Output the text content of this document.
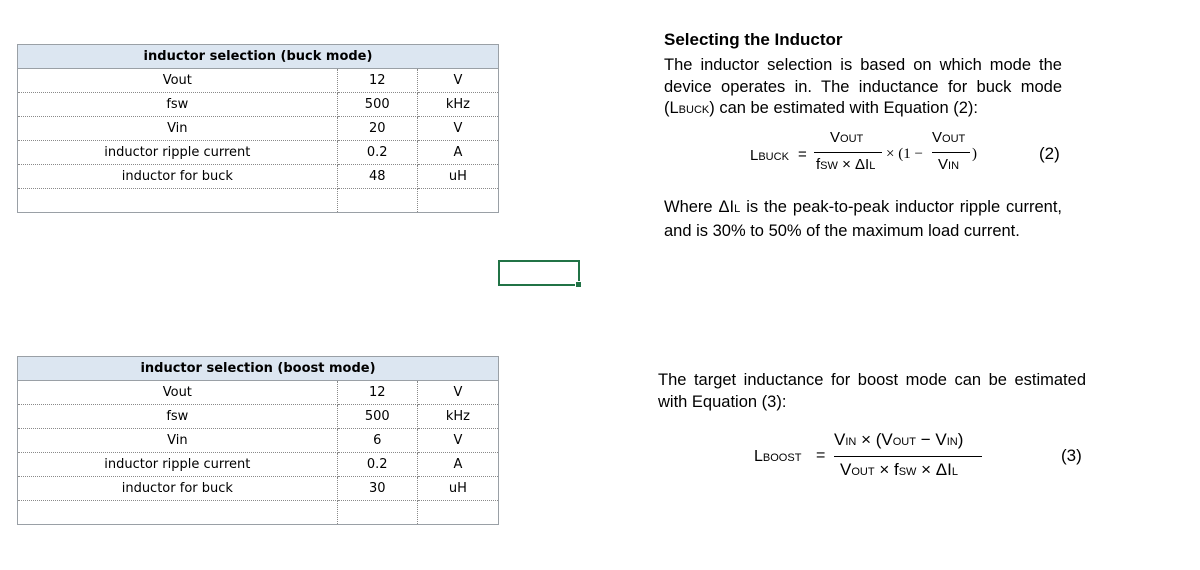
inductor selection (buck mode)		
Vout	12	V
fsw	500	kHz
Vin	20	V
inductor ripple current	0.2	A
inductor for buck	48	uH

inductor selection (boost mode)		
Vout	12	V
fsw	500	kHz
Vin	6	V
inductor ripple current	0.2	A
inductor for buck	30	uH

Selecting the Inductor
The inductor selection is based on which mode the device operates in. The inductance for buck mode (LBUCK) can be estimated with Equation (2):
LBUCK =
VOUT
fSW × ΔIL
× (1 −
VOUT
VIN
)	(2)
Where ΔIL is the peak-to-peak inductor ripple current, and is 30% to 50% of the maximum load current.
The target inductance for boost mode can be estimated with Equation (3):
LBOOST =
VIN × (VOUT − VIN)
VOUT × fSW × ΔIL
(3)
